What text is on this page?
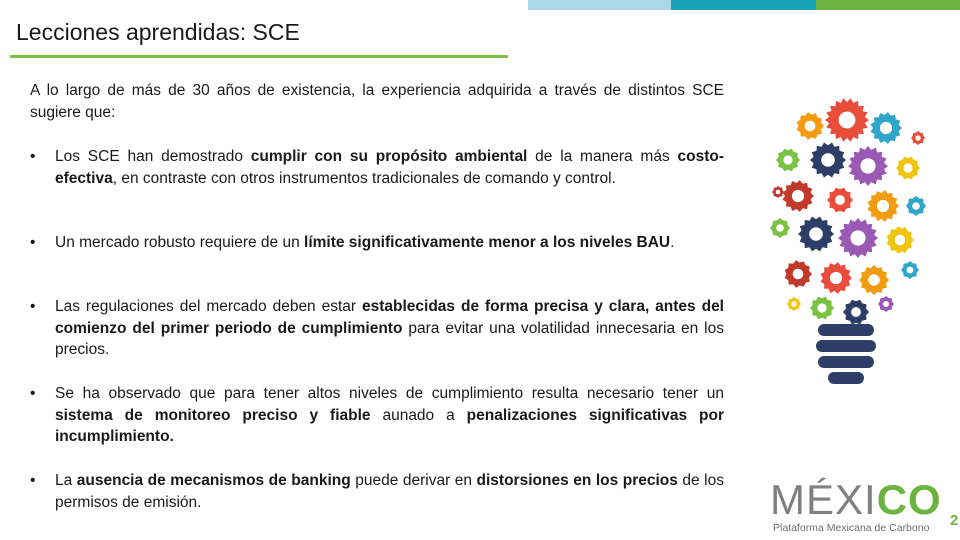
Lecciones aprendidas: SCE

A lo largo de más de 30 años de existencia, la experiencia adquirida a través de distintos SCE sugiere que:

• Los SCE han demostrado cumplir con su propósito ambiental de la manera más costo-efectiva, en contraste con otros instrumentos tradicionales de comando y control.
• Un mercado robusto requiere de un límite significativamente menor a los niveles BAU.
• Las regulaciones del mercado deben estar establecidas de forma precisa y clara, antes del comienzo del primer periodo de cumplimiento para evitar una volatilidad innecesaria en los precios.
• Se ha observado que para tener altos niveles de cumplimiento resulta necesario tener un sistema de monitoreo preciso y fiable aunado a penalizaciones significativas por incumplimiento.
• La ausencia de mecanismos de banking puede derivar en distorsiones en los precios de los permisos de emisión.	MÉXICO 2
Plataforma Mexicana de Carbono
